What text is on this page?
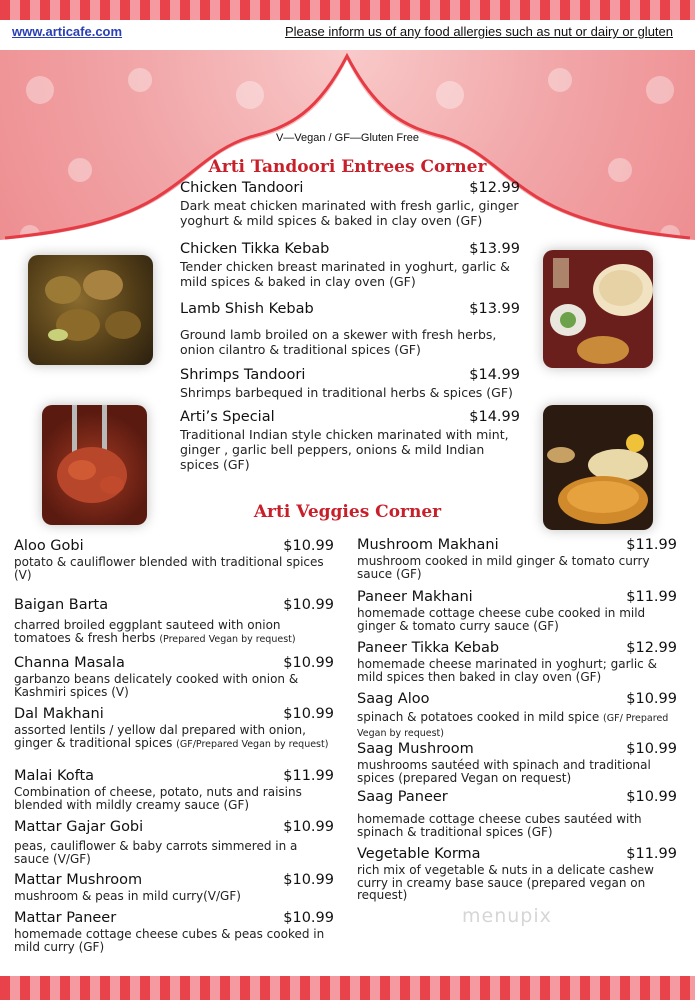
www.articafe.com	Please inform us of any food allergies such as nut or dairy or gluten
V—Vegan / GF—Gluten Free
Arti Tandoori Entrees Corner
Chicken Tandoori	$12.99
Dark meat chicken marinated with fresh garlic, ginger yoghurt & mild spices & baked in clay oven (GF)
Chicken Tikka Kebab	$13.99
Tender chicken breast marinated in yoghurt, garlic & mild spices & baked in clay oven (GF)
Lamb Shish Kebab	$13.99
Ground lamb broiled on a skewer with fresh herbs, onion cilantro & traditional spices (GF)
Shrimps Tandoori	$14.99
Shrimps barbequed in traditional herbs & spices (GF)
Arti’s Special	$14.99
Traditional Indian style chicken marinated with mint, ginger , garlic bell peppers, onions & mild Indian spices (GF)
Arti Veggies Corner
Aloo Gobi	$10.99
potato & cauliflower blended with traditional spices (V)
Baigan Barta	$10.99
charred broiled eggplant sauteed with onion tomatoes & fresh herbs (Prepared Vegan by request)
Channa Masala	$10.99
garbanzo beans delicately cooked with onion & Kashmiri spices (V)
Dal Makhani	$10.99
assorted lentils / yellow dal prepared with onion, ginger & traditional spices (GF/Prepared Vegan by request)
Malai Kofta	$11.99
Combination of cheese, potato, nuts and raisins blended with mildly creamy sauce (GF)
Mattar Gajar Gobi	$10.99
peas, cauliflower & baby carrots simmered in a sauce (V/GF)
Mattar Mushroom	$10.99
mushroom & peas in mild curry(V/GF)
Mattar Paneer	$10.99
homemade cottage cheese cubes & peas cooked in mild curry (GF)
Mushroom Makhani	$11.99
mushroom cooked in mild ginger & tomato curry sauce (GF)
Paneer Makhani	$11.99
homemade cottage cheese cube cooked in mild ginger & tomato curry sauce (GF)
Paneer Tikka Kebab	$12.99
homemade cheese marinated in yoghurt; garlic & mild spices then baked in clay oven (GF)
Saag Aloo	$10.99
spinach & potatoes cooked in mild spice (GF/ Prepared Vegan by request)
Saag Mushroom	$10.99
mushrooms sautéed with spinach and traditional spices (prepared Vegan on request)
Saag Paneer	$10.99
homemade cottage cheese cubes sautéed with spinach & traditional spices (GF)
Vegetable Korma	$11.99
rich mix of vegetable & nuts in a delicate cashew curry in creamy base sauce (prepared vegan on request)
menupix
